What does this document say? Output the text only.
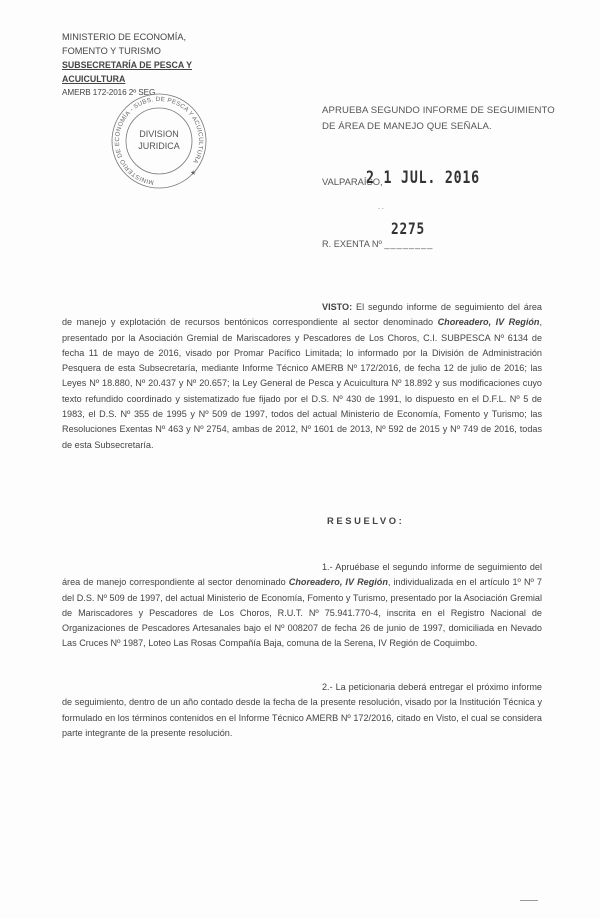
MINISTERIO DE ECONOMÍA,
FOMENTO Y TURISMO
SUBSECRETARÍA DE PESCA Y ACUICULTURA
AMERB 172-2016 2º SEG
MINISTERIO DE ECONOMÍA - SUBS. DE PESCA Y ACUICULTURA
DIVISION
JURIDICA
★
APRUEBA SEGUNDO INFORME DE SEGUIMIENTO
DE ÁREA DE MANEJO QUE SEÑALA.
VALPARAÍSO,
2 1 JUL. 2016
- -
2275
R. EXENTA Nº ________

VISTO: El segundo informe de seguimiento del área de manejo y explotación de recursos bentónicos correspondiente al sector denominado Choreadero, IV Región, presentado por la Asociación Gremial de Mariscadores y Pescadores de Los Choros, C.I. SUBPESCA Nº 6134 de fecha 11 de mayo de 2016, visado por Promar Pacífico Limitada; lo informado por la División de Administración Pesquera de esta Subsecretaría, mediante Informe Técnico AMERB Nº 172/2016, de fecha 12 de julio de 2016; las Leyes Nº 18.880, Nº 20.437 y Nº 20.657; la Ley General de Pesca y Acuicultura Nº 18.892 y sus modificaciones cuyo texto refundido coordinado y sistematizado fue fijado por el D.S. Nº 430 de 1991, lo dispuesto en el D.F.L. Nº 5 de 1983, el D.S. Nº 355 de 1995 y Nº 509 de 1997, todos del actual Ministerio de Economía, Fomento y Turismo; las Resoluciones Exentas Nº 463 y Nº 2754, ambas de 2012, Nº 1601 de 2013, Nº 592 de 2015 y Nº 749 de 2016, todas de esta Subsecretaría.

RESUELVO:

1.- Apruébase el segundo informe de seguimiento del área de manejo correspondiente al sector denominado Choreadero, IV Región, individualizada en el artículo 1º Nº 7 del D.S. Nº 509 de 1997, del actual Ministerio de Economía, Fomento y Turismo, presentado por la Asociación Gremial de Mariscadores y Pescadores de Los Choros, R.U.T. Nº 75.941.770-4, inscrita en el Registro Nacional de Organizaciones de Pescadores Artesanales bajo el Nº 008207 de fecha 26 de junio de 1997, domiciliada en Nevado Las Cruces Nº 1987, Loteo Las Rosas Compañía Baja, comuna de la Serena, IV Región de Coquimbo.

2.- La peticionaria deberá entregar el próximo informe de seguimiento, dentro de un año contado desde la fecha de la presente resolución, visado por la Institución Técnica y formulado en los términos contenidos en el Informe Técnico AMERB Nº 172/2016, citado en Visto, el cual se considera parte integrante de la presente resolución.
